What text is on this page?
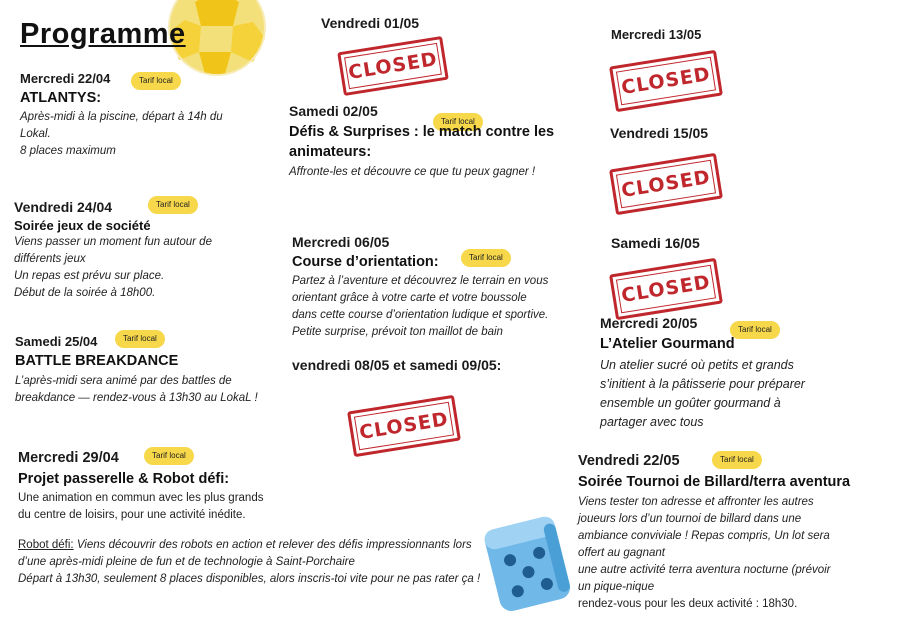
Programme
Mercredi 22/04	Tarif local
ATLANTYS:
Après-midi à la piscine, départ à 14h du
Lokal.
8 places maximum
Vendredi 24/04	Tarif local
Soirée jeux de société
Viens passer un moment fun autour de
différents jeux
Un repas est prévu sur place.
Début de la soirée à 18h00.
Samedi 25/04	Tarif local
BATTLE BREAKDANCE
L’après-midi sera animé par des battles de
breakdance — rendez-vous à 13h30 au LokaL !
Mercredi 29/04	Tarif local
Projet passerelle & Robot défi:
Une animation en commun avec les plus grands
du centre de loisirs, pour une activité inédite.
Robot défi: Viens découvrir des robots en action et relever des défis impressionnants lors
d’une après-midi pleine de fun et de technologie à Saint-Porchaire
Départ à 13h30, seulement 8 places disponibles, alors inscris-toi vite pour ne pas rater ça !
Vendredi 01/05
CLOSED
Samedi 02/05
Tarif local
Défis & Surprises : le match contre les
animateurs:
Affronte-les et découvre ce que tu peux gagner !
Mercredi 06/05
Tarif local
Course d’orientation:
Partez à l’aventure et découvrez le terrain en vous
orientant grâce à votre carte et votre boussole
dans cette course d’orientation ludique et sportive.
Petite surprise, prévoit ton maillot de bain
vendredi 08/05 et samedi 09/05:
CLOSED
Mercredi 13/05
CLOSED
Vendredi 15/05
CLOSED
Samedi 16/05
CLOSED
Mercredi 20/05	Tarif local
L’Atelier Gourmand
Un atelier sucré où petits et grands
s’initient à la pâtisserie pour préparer
ensemble un goûter gourmand à
partager avec tous
Vendredi 22/05	Tarif local
Soirée Tournoi de Billard/terra aventura
Viens tester ton adresse et affronter les autres
joueurs lors d’un tournoi de billard dans une
ambiance conviviale ! Repas compris, Un lot sera
offert au gagnant
une autre activité terra aventura nocturne (prévoir
un pique-nique
rendez-vous pour les deux activité : 18h30.
